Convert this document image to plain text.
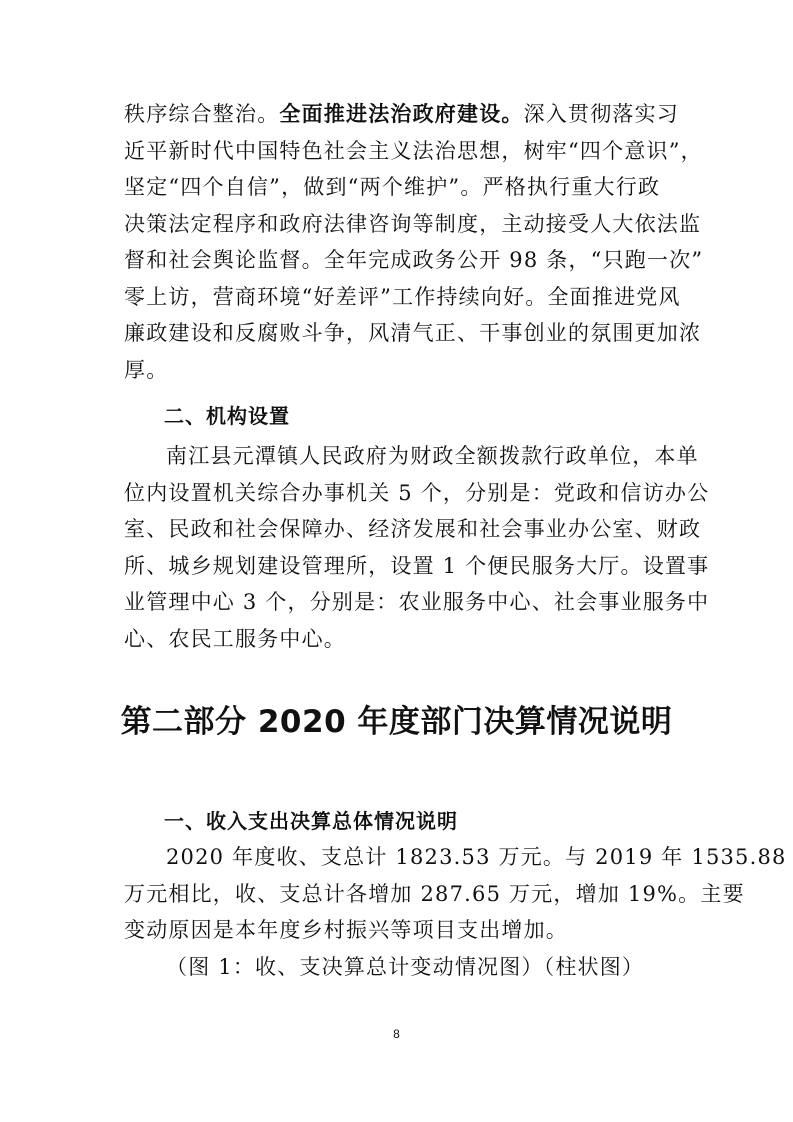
秩序综合整治。全面推进法治政府建设。深入贯彻落实习
近平新时代中国特色社会主义法治思想，树牢“四个意识”，
坚定“四个自信”，做到“两个维护”。严格执行重大行政
决策法定程序和政府法律咨询等制度，主动接受人大依法监
督和社会舆论监督。全年完成政务公开 98 条，“只跑一次”
零上访，营商环境“好差评”工作持续向好。全面推进党风
廉政建设和反腐败斗争，风清气正、干事创业的氛围更加浓
厚。
二、机构设置
南江县元潭镇人民政府为财政全额拨款行政单位，本单
位内设置机关综合办事机关 5 个，分别是：党政和信访办公
室、民政和社会保障办、经济发展和社会事业办公室、财政
所、城乡规划建设管理所，设置 1 个便民服务大厅。设置事
业管理中心 3 个，分别是：农业服务中心、社会事业服务中
心、农民工服务中心。
第二部分 2020 年度部门决算情况说明
一、收入支出决算总体情况说明
2020 年度收、支总计 1823.53 万元。与 2019 年 1535.88
万元相比，收、支总计各增加 287.65 万元，增加 19%。主要
变动原因是本年度乡村振兴等项目支出增加。
（图 1：收、支决算总计变动情况图）（柱状图）
8
